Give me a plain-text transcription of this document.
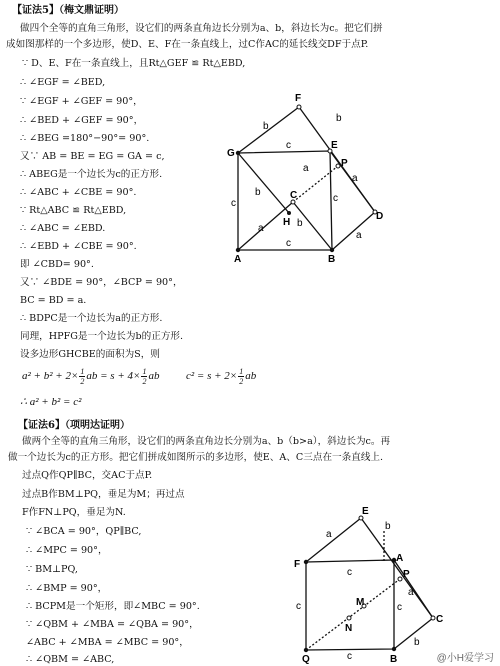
【证法5】（梅文鼎证明）
做四个全等的直角三角形，设它们的两条直角边长分别为a、b，斜边长为c。把它们拼
成如图那样的一个多边形，使D、E、F在一条直线上，过C作AC的延长线交DF于点P.
∵ D、E、F在一条直线上，且Rt△GEF ≌ Rt△EBD,
∴ ∠EGF = ∠BED,
∵ ∠EGF + ∠GEF = 90°，
∴ ∠BED + ∠GEF = 90°，
∴ ∠BEG =180°−90°= 90°.
又∵ AB = BE = EG = GA = c,
∴ ABEG是一个边长为c的正方形.
∴ ∠ABC + ∠CBE = 90°.
∵ Rt△ABC ≌ Rt△EBD,
∴ ∠ABC = ∠EBD.
∴ ∠EBD + ∠CBE = 90°.
即 ∠CBD= 90°.
又∵ ∠BDE = 90°，∠BCP = 90°，
BC = BD = a.
∴ BDPC是一个边长为a的正方形.
同理，HPFG是一个边长为b的正方形.
设多边形GHCBE的面积为S，则
$a^2 + b^2 + 2\times \frac{1}{2}$ ab = $s + 4\times \frac{1}{2}$ ab $c^2 = s + 2\times \frac{1}{2}$ ab
∴ a² + b² = c²
【证法6】（项明达证明）
做两个全等的直角三角形，设它们的两条直角边长分别为a、b（b>a），斜边长为c。再
做一个边长为c的正方形。把它们拼成如图所示的多边形，使E、A、C三点在一条直线上.
过点Q作QP∥BC，交AC于点P.
过点B作BM⊥PQ，垂足为M；再过点
F作FN⊥PQ，垂足为N.
∵ ∠BCA = 90°，QP∥BC,
∴ ∠MPC = 90°，
∵ BM⊥PQ,
∴ ∠BMP = 90°，
∴ BCPM是一个矩形，即∠MBC = 90°.
∵ ∠QBM + ∠MBA = ∠QBA = 90°，
∠ABC + ∠MBA = ∠MBC = 90°，
∴ ∠QBM = ∠ABC,
F
G
E
P
C
H
D
A	B
b
b
a
a
c
c
c
c
b
a	b
a
E
F
A
P
M
N
C
Q	B
a
b
a
b
c	c
c
c	@小H爱学习
